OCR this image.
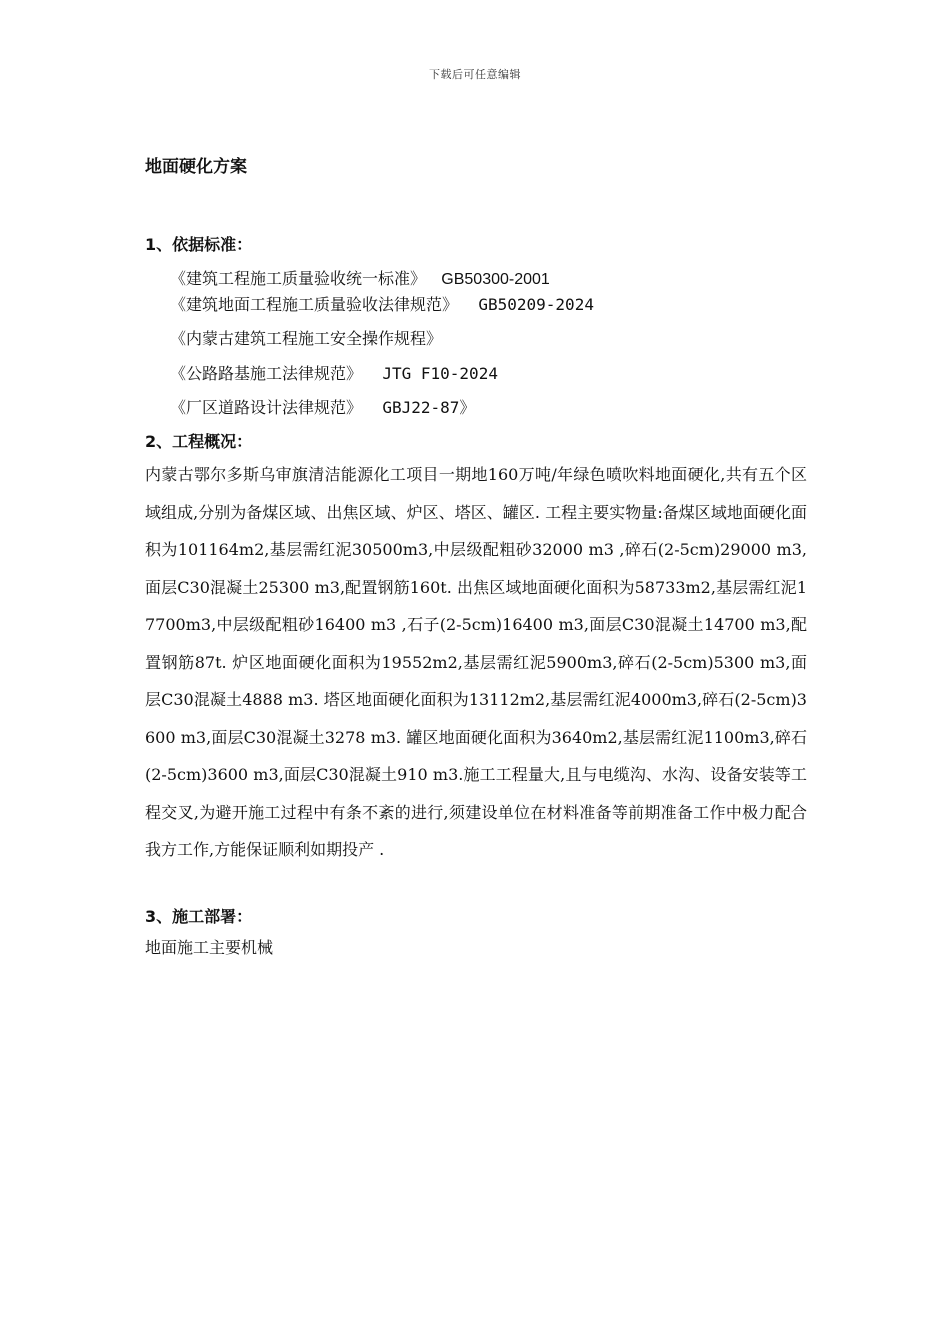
下载后可任意编辑
地面硬化方案
1、依据标准：
《建筑工程施工质量验收统一标准》 GB50300-2001
《建筑地面工程施工质量验收法律规范》 GB50209-2024
《内蒙古建筑工程施工安全操作规程》
《公路路基施工法律规范》 JTG F10-2024
《厂区道路设计法律规范》 GBJ22-87》
2、工程概况：

内蒙古鄂尔多斯乌审旗清洁能源化工项目一期地160万吨/年绿色喷吹料地面硬化,共有五个区域组成,分别为备煤区域、出焦区域、炉区、塔区、罐区. 工程主要实物量:备煤区域地面硬化面积为101164m2,基层需红泥30500m3,中层级配粗砂32000 m3 ,碎石(2-5cm)29000 m3,面层C30混凝土25300 m3,配置钢筋160t. 出焦区域地面硬化面积为58733m2,基层需红泥17700m3,中层级配粗砂16400 m3 ,石子(2-5cm)16400 m3,面层C30混凝土14700 m3,配置钢筋87t. 炉区地面硬化面积为19552m2,基层需红泥5900m3,碎石(2-5cm)5300 m3,面层C30混凝土4888 m3. 塔区地面硬化面积为13112m2,基层需红泥4000m3,碎石(2-5cm)3600 m3,面层C30混凝土3278 m3. 罐区地面硬化面积为3640m2,基层需红泥1100m3,碎石(2-5cm)3600 m3,面层C30混凝土910 m3.施工工程量大,且与电缆沟、水沟、设备安装等工程交叉,为避开施工过程中有条不紊的进行,须建设单位在材料准备等前期准备工作中极力配合我方工作,方能保证顺利如期投产 .

3、施工部署：

地面施工主要机械
